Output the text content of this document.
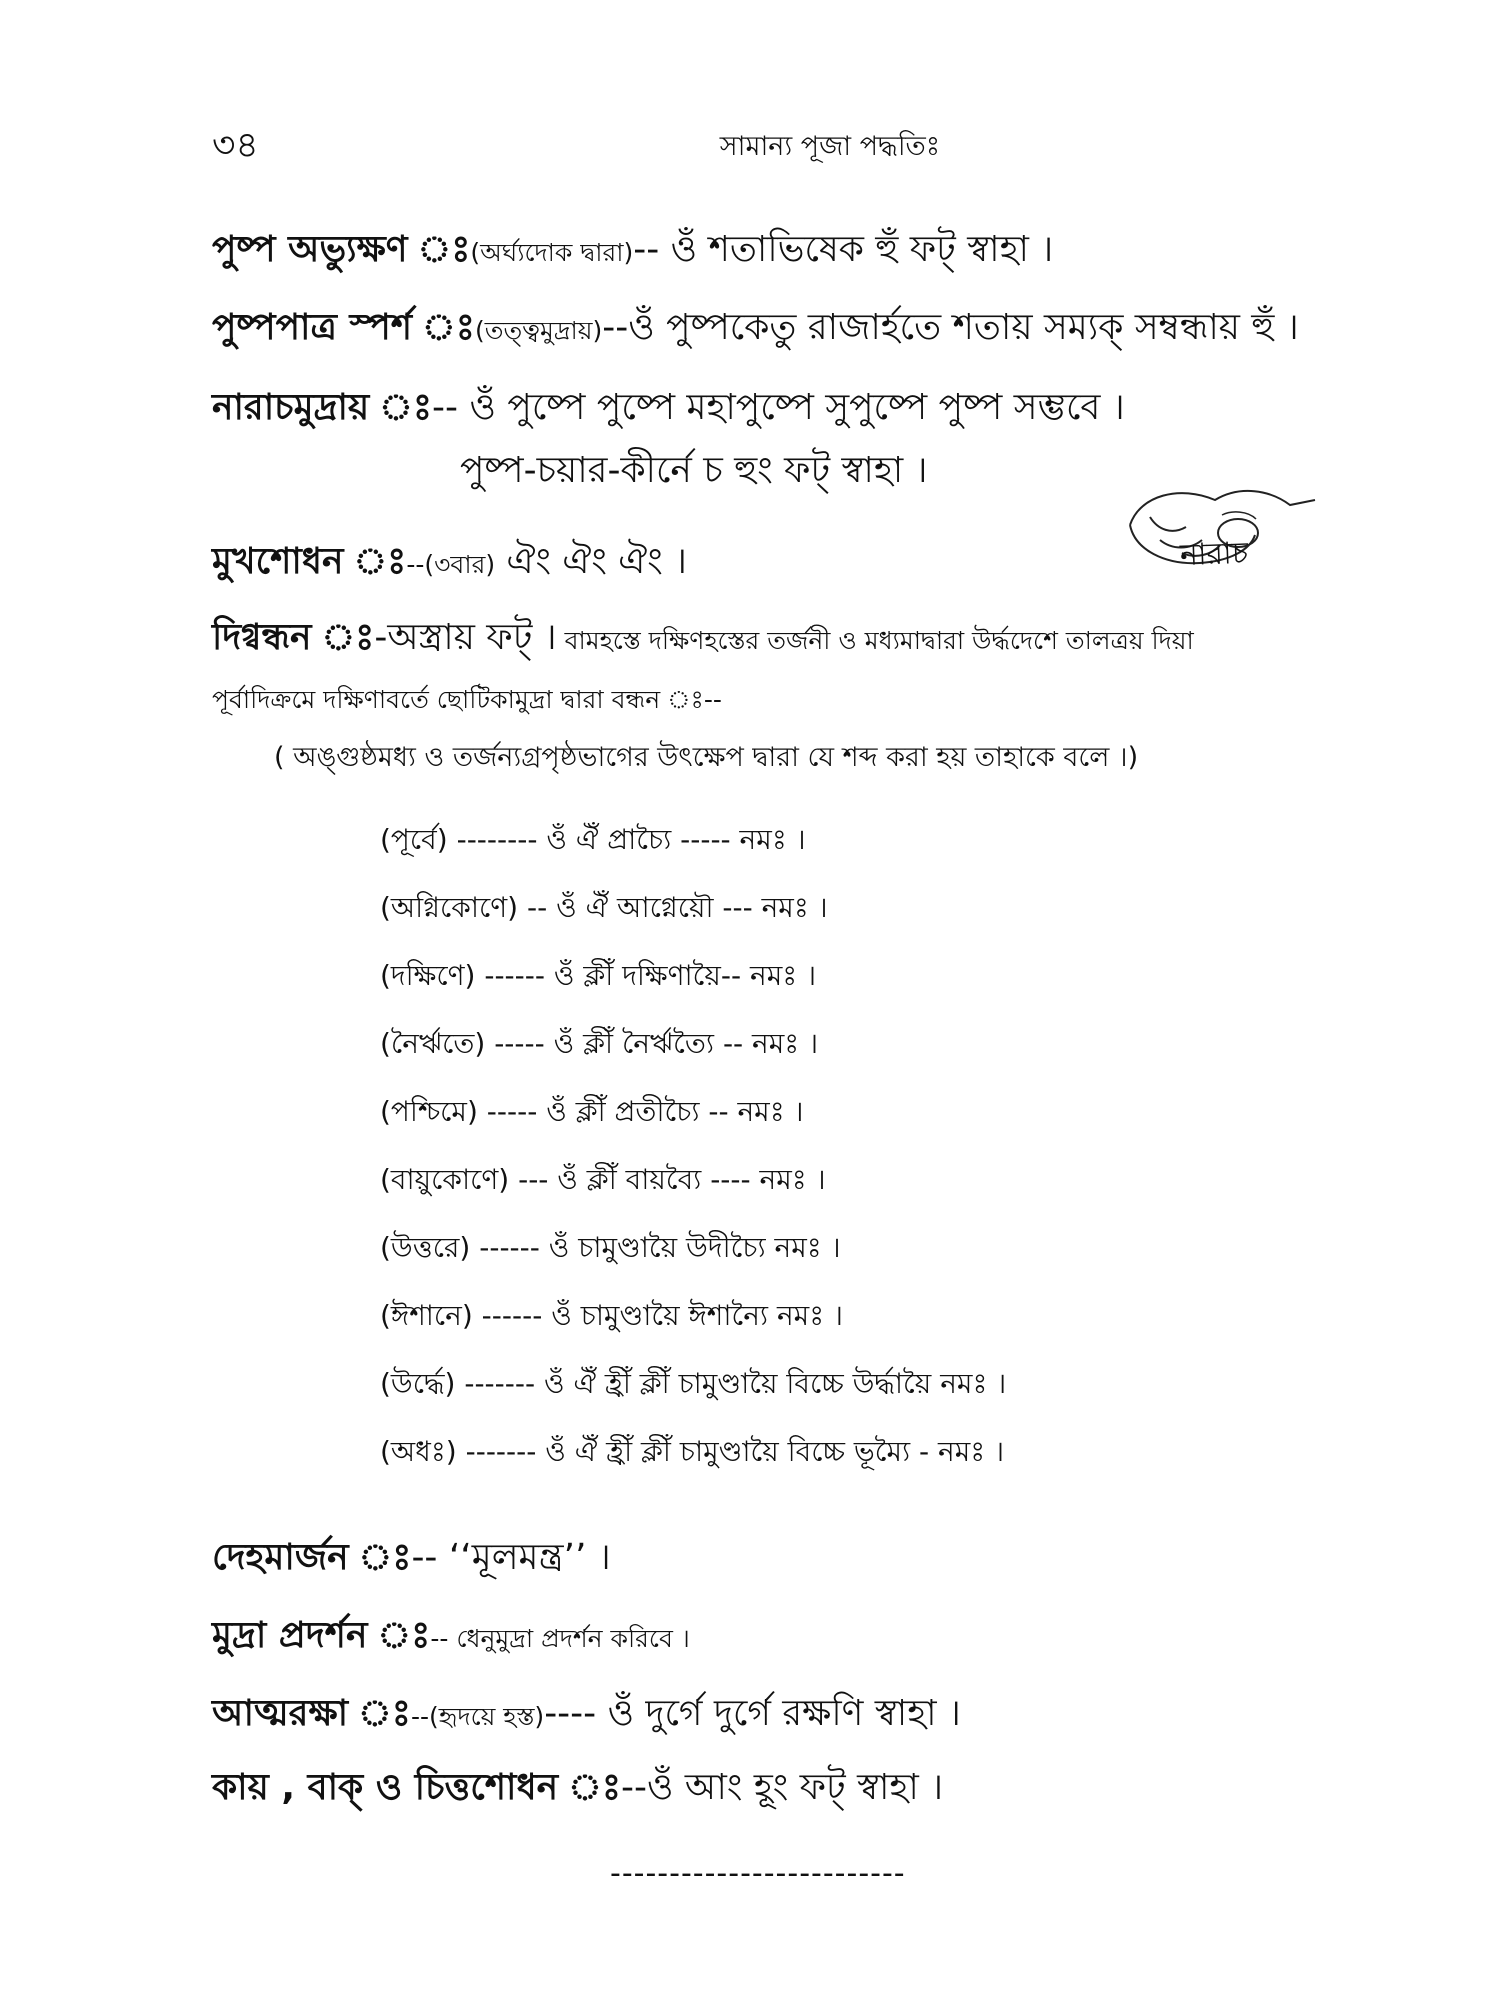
৩৪	সামান্য পূজা পদ্ধতিঃ
পুষ্প অভ্যুক্ষণ ঃ(অর্ঘ্যদোক দ্বারা)-- ওঁ শতাভিষেক হুঁ ফট্ স্বাহা ।
পুষ্পপাত্র স্পর্শ ঃ(তত্ত্বমুদ্রায়)--ওঁ পুষ্পকেতু রাজার্হতে শতায় সম্যক্ সম্বন্ধায় হুঁ ।
নারাচমুদ্রায় ঃ-- ওঁ পুষ্পে পুষ্পে মহাপুষ্পে সুপুষ্পে পুষ্প সম্ভবে ।
পুষ্প-চয়ার-কীর্নে চ হুং ফট্ স্বাহা ।
নারাচ
মুখশোধন ঃ--(৩বার) ঐং ঐং ঐং ।
দিগ্বন্ধন ঃ-অস্ত্রায় ফট্ । বামহস্তে দক্ষিণহস্তের তর্জনী ও মধ্যমাদ্বারা উর্দ্ধদেশে তালত্রয় দিয়া
পূর্বাদিক্রমে দক্ষিণাবর্তে ছোটিকামুদ্রা দ্বারা বন্ধন ঃ--
( অঙ্গুষ্ঠমধ্য ও তর্জন্যগ্রপৃষ্ঠভাগের উৎক্ষেপ দ্বারা যে শব্দ করা হয় তাহাকে বলে ।)
(পূর্বে) -------- ওঁ ঐঁ প্রাচ্যৈ ----- নমঃ ।
(অগ্নিকোণে) -- ওঁ ঐঁ আগ্নেয়ৌ --- নমঃ ।
(দক্ষিণে) ------ ওঁ ক্লীঁ দক্ষিণায়ৈ-- নমঃ ।
(নৈর্ঋতে) ----- ওঁ ক্লীঁ নৈর্ঋত্যৈ -- নমঃ ।
(পশ্চিমে) ----- ওঁ ক্লীঁ প্রতীচ্যৈ -- নমঃ ।
(বায়ুকোণে) --- ওঁ ক্লীঁ বায়ব্যৈ ---- নমঃ ।
(উত্তরে) ------ ওঁ চামুণ্ডায়ৈ উদীচ্যৈ নমঃ ।
(ঈশানে) ------ ওঁ চামুণ্ডায়ৈ ঈশান্যৈ নমঃ ।
(উর্দ্ধে) ------- ওঁ ঐঁ হ্রীঁ ক্লীঁ চামুণ্ডায়ৈ বিচ্চে উর্দ্ধায়ৈ নমঃ ।
(অধঃ) ------- ওঁ ঐঁ হ্রীঁ ক্লীঁ চামুণ্ডায়ৈ বিচ্চে ভূম্যৈ - নমঃ ।
দেহমার্জন ঃ-- ‘‘মূলমন্ত্র’’ ।
মুদ্রা প্রদর্শন ঃ-- ধেনুমুদ্রা প্রদর্শন করিবে ।
আত্মরক্ষা ঃ--(হৃদয়ে হস্ত)---- ওঁ দুর্গে দুর্গে রক্ষণি স্বাহা ।
কায় , বাক্ ও চিত্তশোধন ঃ--ওঁ আং হূং ফট্ স্বাহা ।
-------------------------
